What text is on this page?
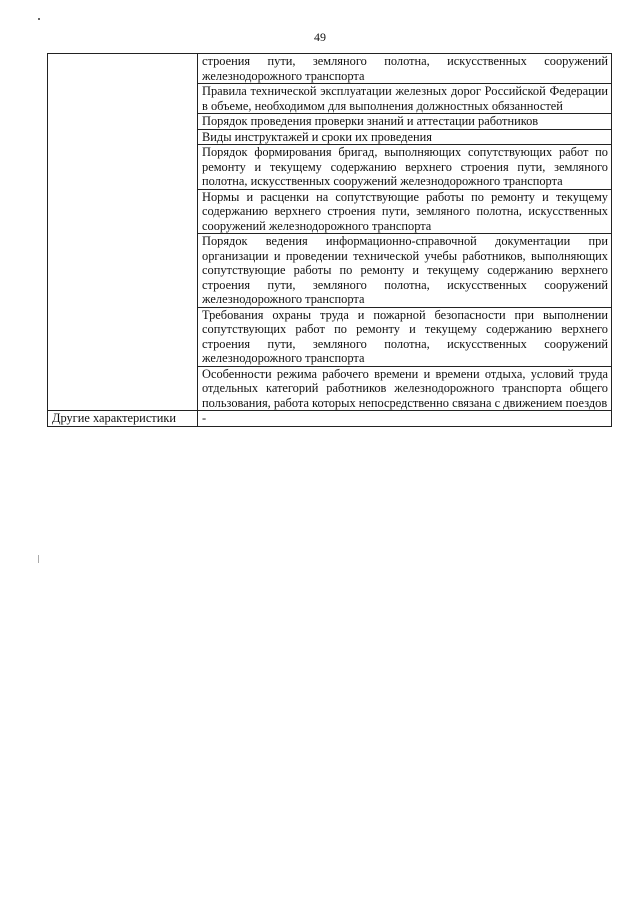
49
	строения пути, земляного полотна, искусственных сооружений железнодорожного транспорта
	Правила технической эксплуатации железных дорог Российской Федерации в объеме, необходимом для выполнения должностных обязанностей
	Порядок проведения проверки знаний и аттестации работников
	Виды инструктажей и сроки их проведения
	Порядок формирования бригад, выполняющих сопутствующих работ по ремонту и текущему содержанию верхнего строения пути, земляного полотна, искусственных сооружений железнодорожного транспорта
	Нормы и расценки на сопутствующие работы по ремонту и текущему содержанию верхнего строения пути, земляного полотна, искусственных сооружений железнодорожного транспорта
	Порядок ведения информационно-справочной документации при организации и проведении технической учебы работников, выполняющих сопутствующие работы по ремонту и текущему содержанию верхнего строения пути, земляного полотна, искусственных сооружений железнодорожного транспорта
	Требования охраны труда и пожарной безопасности при выполнении сопутствующих работ по ремонту и текущему содержанию верхнего строения пути, земляного полотна, искусственных сооружений железнодорожного транспорта
	Особенности режима рабочего времени и времени отдыха, условий труда отдельных категорий работников железнодорожного транспорта общего пользования, работа которых непосредственно связана с движением поездов
Другие характеристики	-
